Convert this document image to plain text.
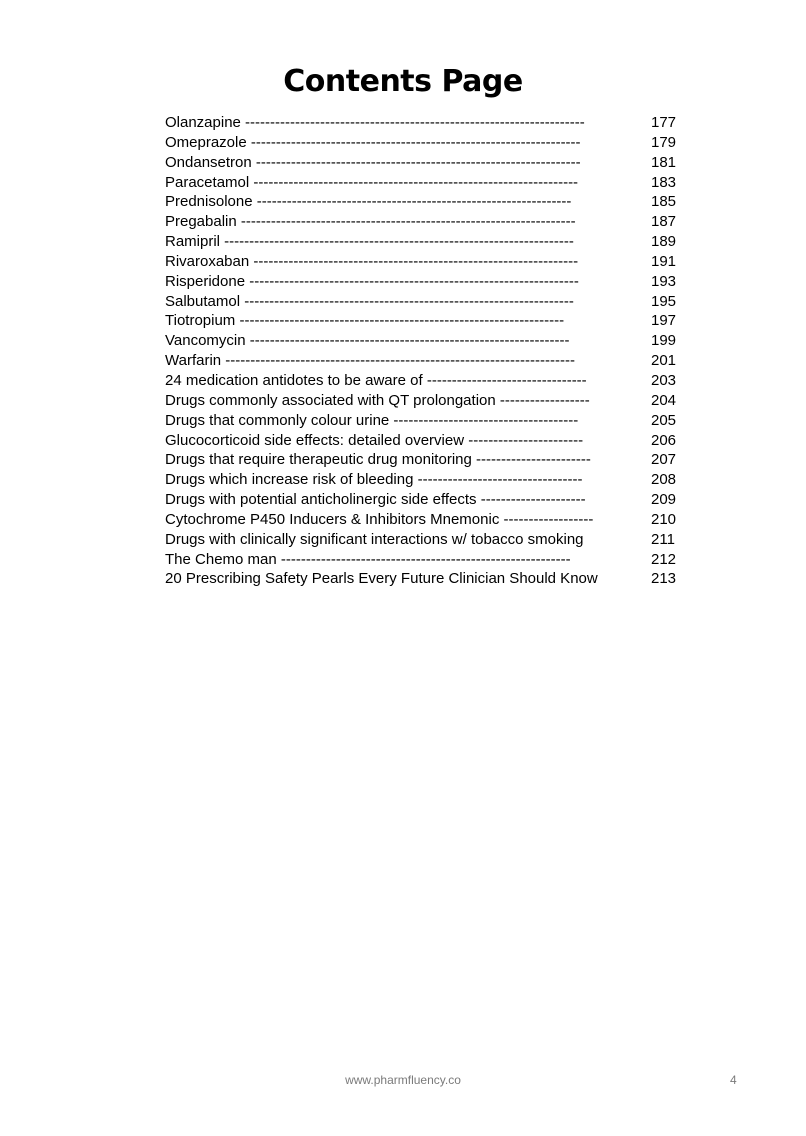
Contents Page
Olanzapine --------------------------------------------------------------------	177
Omeprazole ------------------------------------------------------------------	179
Ondansetron -----------------------------------------------------------------	181
Paracetamol -----------------------------------------------------------------	183
Prednisolone ---------------------------------------------------------------	185
Pregabalin -------------------------------------------------------------------	187
Ramipril ----------------------------------------------------------------------	189
Rivaroxaban -----------------------------------------------------------------	191
Risperidone ------------------------------------------------------------------	193
Salbutamol ------------------------------------------------------------------	195
Tiotropium -----------------------------------------------------------------	197
Vancomycin ----------------------------------------------------------------	199
Warfarin ----------------------------------------------------------------------	201
24 medication antidotes to be aware of --------------------------------	203
Drugs commonly associated with QT prolongation ------------------	204
Drugs that commonly colour urine -------------------------------------	205
Glucocorticoid side effects: detailed overview -----------------------	206
Drugs that require therapeutic drug monitoring -----------------------	207
Drugs which increase risk of bleeding ---------------------------------	208
Drugs with potential anticholinergic side effects ---------------------	209
Cytochrome P450 Inducers & Inhibitors Mnemonic ------------------	210
Drugs with clinically significant interactions w/ tobacco smoking	211
The Chemo man ----------------------------------------------------------	212
20 Prescribing Safety Pearls Every Future Clinician Should Know	213
www.pharmfluency.co	4
